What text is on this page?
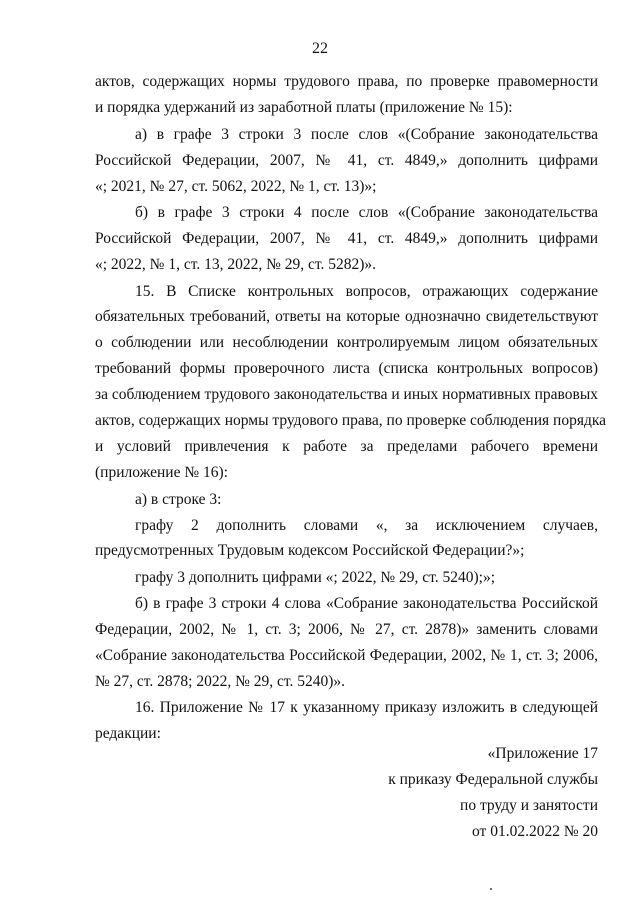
22
актов, содержащих нормы трудового права, по проверке правомерности
и порядка удержаний из заработной платы (приложение № 15):
а) в графе 3 строки 3 после слов «(Собрание законодательства
Российской Федерации, 2007, № 41, ст. 4849,» дополнить цифрами
«; 2021, № 27, ст. 5062, 2022, № 1, ст. 13)»;
б) в графе 3 строки 4 после слов «(Собрание законодательства
Российской Федерации, 2007, № 41, ст. 4849,» дополнить цифрами
«; 2022, № 1, ст. 13, 2022, № 29, ст. 5282)».
15. В Списке контрольных вопросов, отражающих содержание
обязательных требований, ответы на которые однозначно свидетельствуют
о соблюдении или несоблюдении контролируемым лицом обязательных
требований формы проверочного листа (списка контрольных вопросов)
за соблюдением трудового законодательства и иных нормативных правовых
актов, содержащих нормы трудового права, по проверке соблюдения порядка
и условий привлечения к работе за пределами рабочего времени
(приложение № 16):
а) в строке 3:
графу 2 дополнить словами «, за исключением случаев,
предусмотренных Трудовым кодексом Российской Федерации?»;
графу 3 дополнить цифрами «; 2022, № 29, ст. 5240);»;
б) в графе 3 строки 4 слова «Собрание законодательства Российской
Федерации, 2002, № 1, ст. 3; 2006, № 27, ст. 2878)» заменить словами
«Собрание законодательства Российской Федерации, 2002, № 1, ст. 3; 2006,
№ 27, ст. 2878; 2022, № 29, ст. 5240)».
16. Приложение № 17 к указанному приказу изложить в следующей
редакции:
«Приложение 17
к приказу Федеральной службы
по труду и занятости
от 01.02.2022 № 20
